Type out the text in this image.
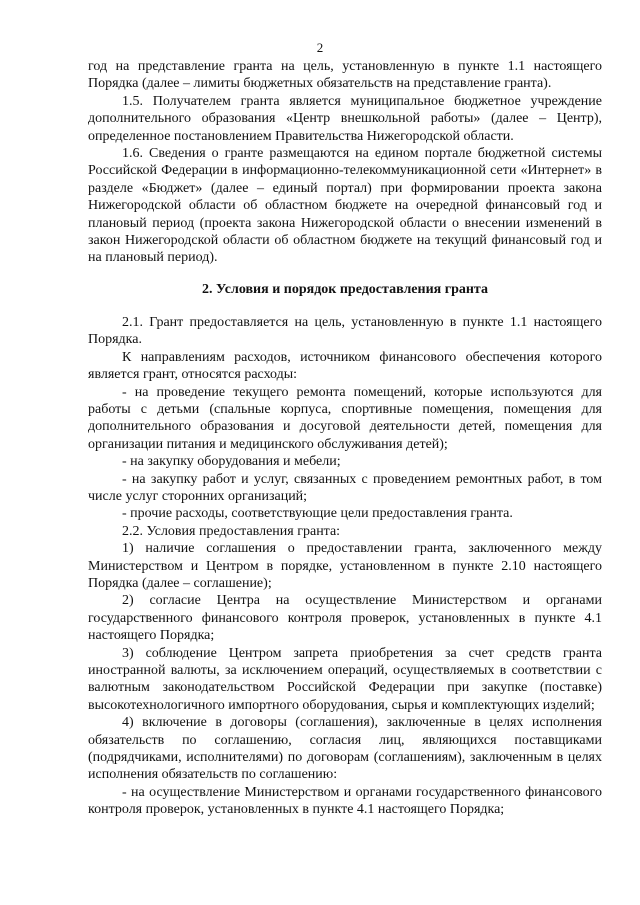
2

год на представление гранта на цель, установленную в пункте 1.1 настоящего Порядка (далее – лимиты бюджетных обязательств на представление гранта).

1.5. Получателем гранта является муниципальное бюджетное учреждение дополнительного образования «Центр внешкольной работы» (далее – Центр), определенное постановлением Правительства Нижегородской области.

1.6. Сведения о гранте размещаются на едином портале бюджетной системы Российской Федерации в информационно-телекоммуникационной сети «Интернет» в разделе «Бюджет» (далее – единый портал) при формировании проекта закона Нижегородской области об областном бюджете на очередной финансовый год и плановый период (проекта закона Нижегородской области о внесении изменений в закон Нижегородской области об областном бюджете на текущий финансовый год и на плановый период).

2. Условия и порядок предоставления гранта

2.1. Грант предоставляется на цель, установленную в пункте 1.1 настоящего Порядка.

К направлениям расходов, источником финансового обеспечения которого является грант, относятся расходы:

- на проведение текущего ремонта помещений, которые используются для работы с детьми (спальные корпуса, спортивные помещения, помещения для дополнительного образования и досуговой деятельности детей, помещения для организации питания и медицинского обслуживания детей);

- на закупку оборудования и мебели;

- на закупку работ и услуг, связанных с проведением ремонтных работ, в том числе услуг сторонних организаций;

- прочие расходы, соответствующие цели предоставления гранта.

2.2. Условия предоставления гранта:

1) наличие соглашения о предоставлении гранта, заключенного между Министерством и Центром в порядке, установленном в пункте 2.10 настоящего Порядка (далее – соглашение);

2) согласие Центра на осуществление Министерством и органами государственного финансового контроля проверок, установленных в пункте 4.1 настоящего Порядка;

3) соблюдение Центром запрета приобретения за счет средств гранта иностранной валюты, за исключением операций, осуществляемых в соответствии с валютным законодательством Российской Федерации при закупке (поставке) высокотехнологичного импортного оборудования, сырья и комплектующих изделий;

4) включение в договоры (соглашения), заключенные в целях исполнения обязательств по соглашению, согласия лиц, являющихся поставщиками (подрядчиками, исполнителями) по договорам (соглашениям), заключенным в целях исполнения обязательств по соглашению:

- на осуществление Министерством и органами государственного финансового контроля проверок, установленных в пункте 4.1 настоящего Порядка;
